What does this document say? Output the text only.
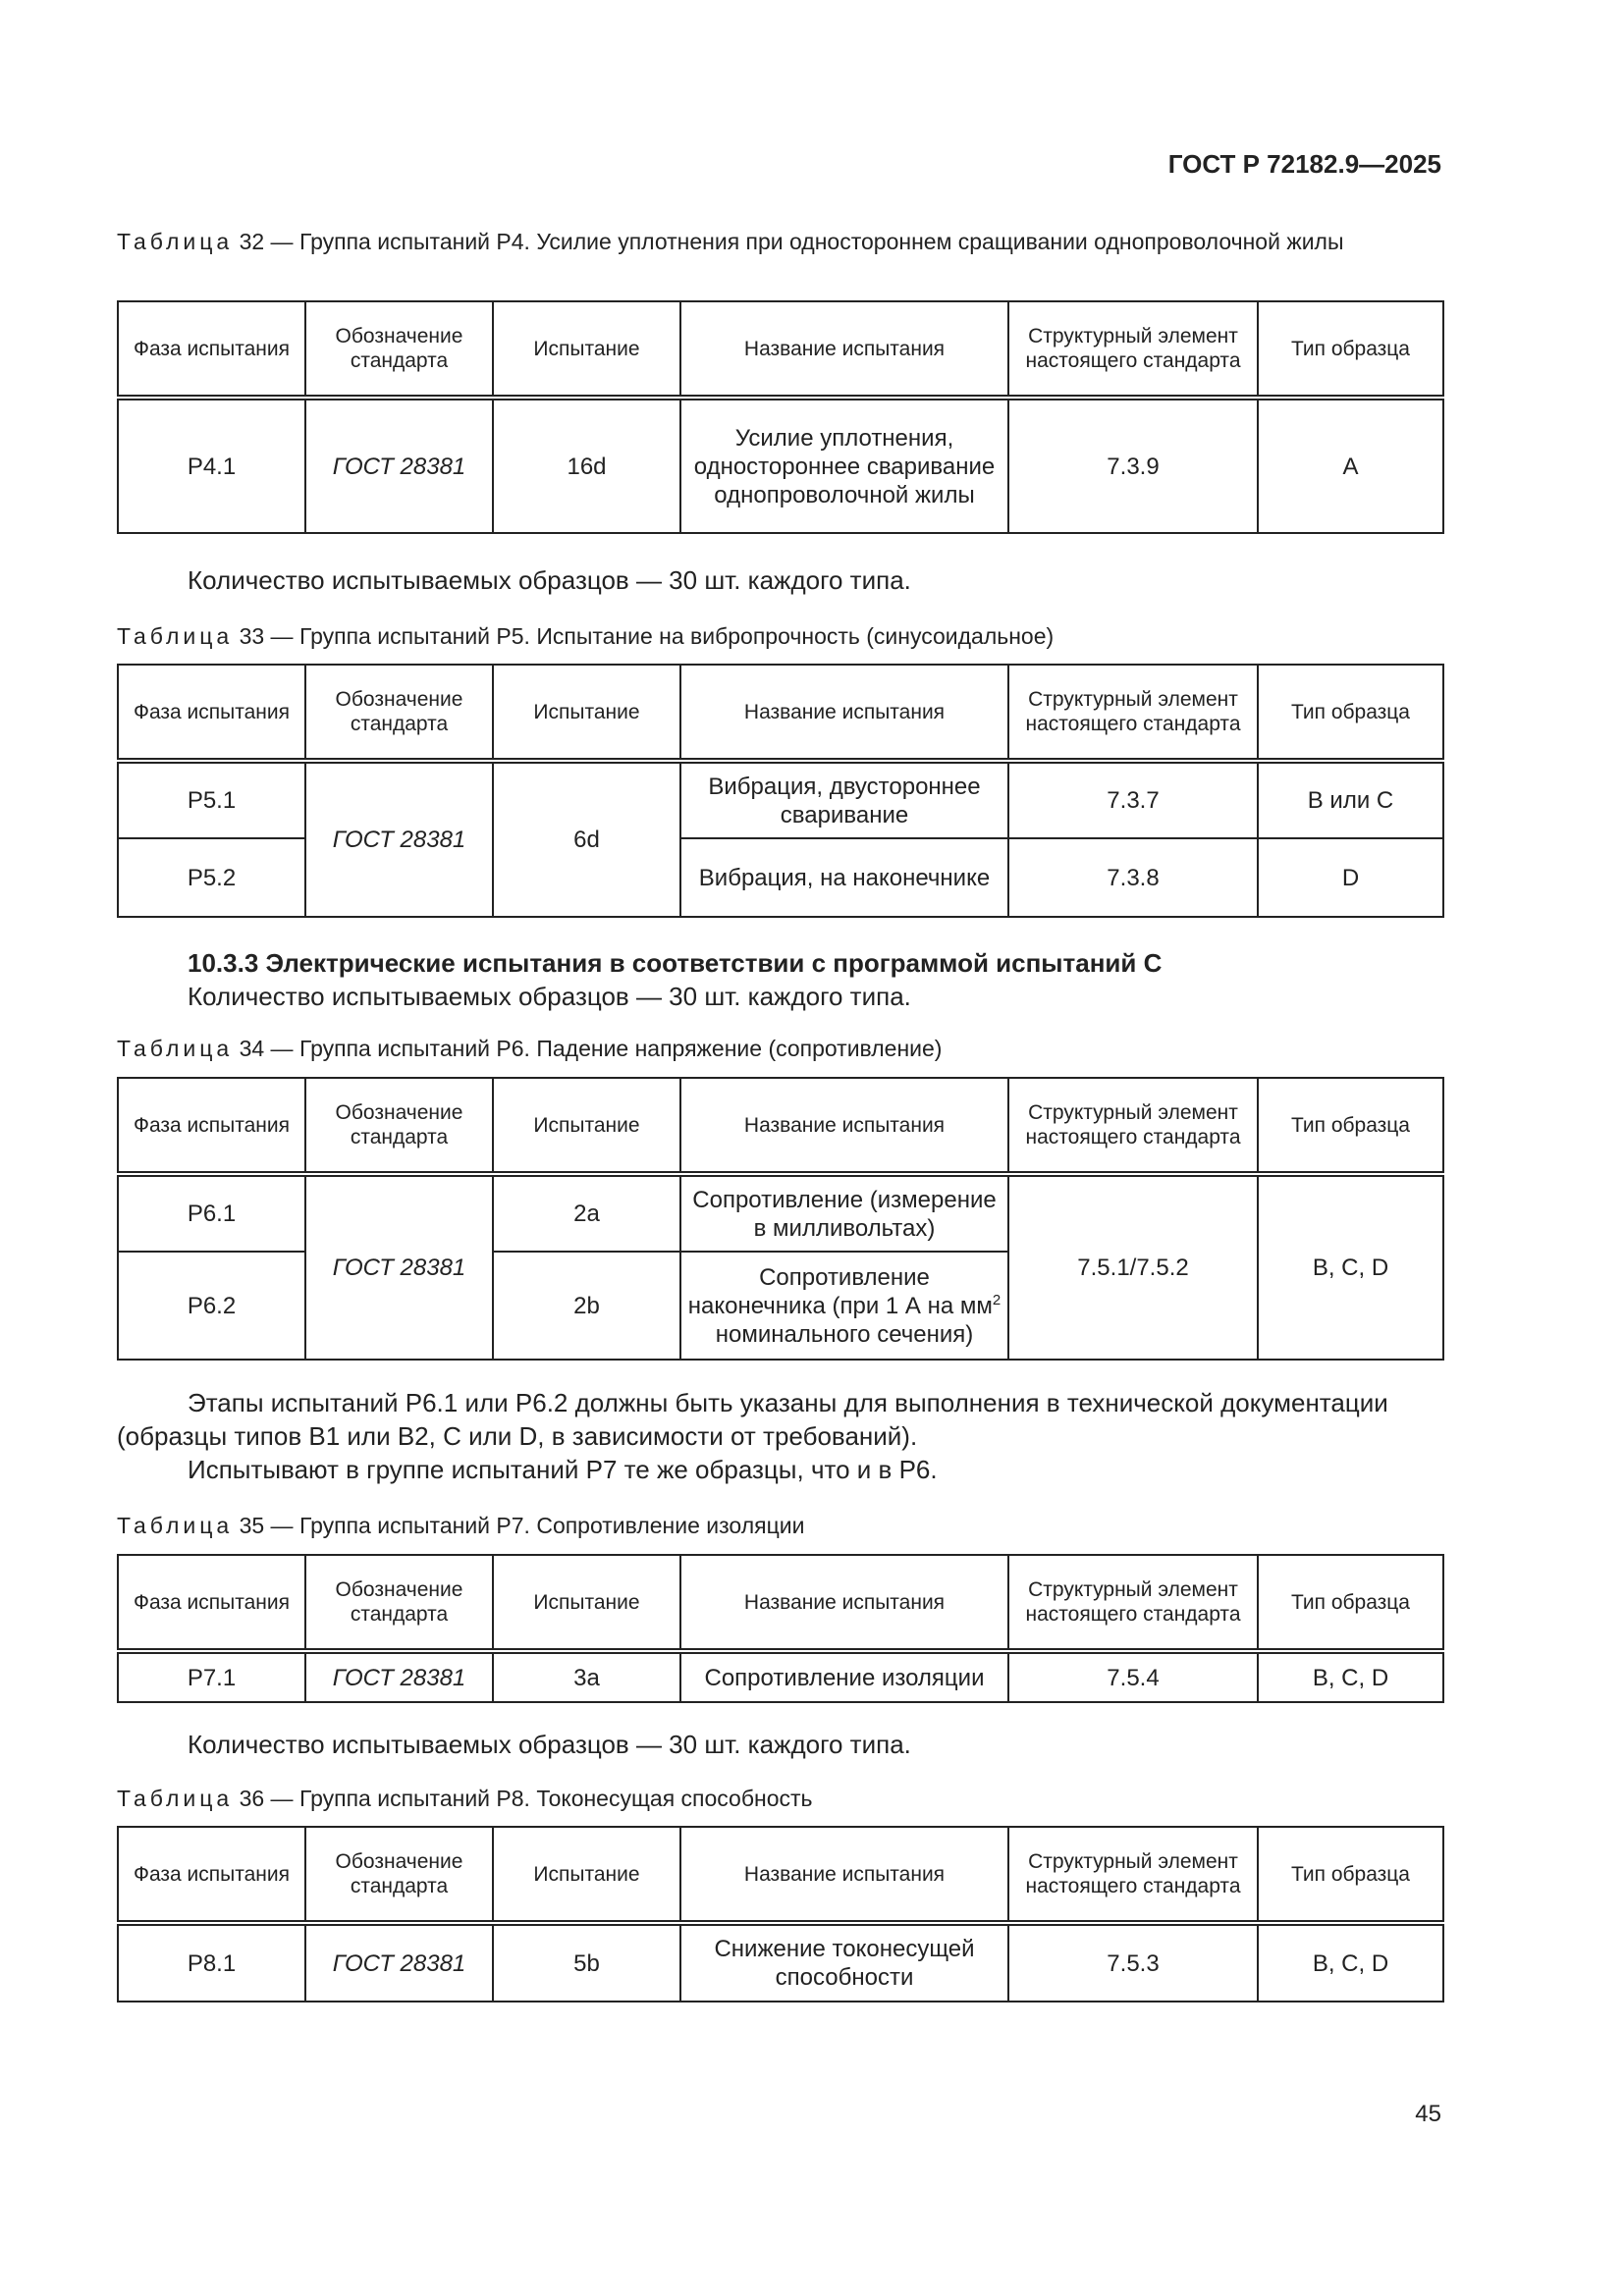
ГОСТ Р 72182.9—2025
Таблица 32 — Группа испытаний Р4. Усилие уплотнения при одностороннем сращивании однопроволочной жилы
Фаза испытания	Обозначение стандарта	Испытание	Название испытания	Структурный элемент настоящего стандарта	Тип образца
P4.1	ГОСТ 28381	16d	Усилие уплотнения, одностороннее сваривание однопроволочной жилы	7.3.9	A
Количество испытываемых образцов — 30 шт. каждого типа.
Таблица 33 — Группа испытаний Р5. Испытание на вибропрочность (синусоидальное)
Фаза испытания	Обозначение стандарта	Испытание	Название испытания	Структурный элемент настоящего стандарта	Тип образца
P5.1	ГОСТ 28381	6d	Вибрация, двустороннее сваривание	7.3.7	B или C
P5.2			Вибрация, на наконечнике	7.3.8	D
10.3.3 Электрические испытания в соответствии с программой испытаний С
Количество испытываемых образцов — 30 шт. каждого типа.
Таблица 34 — Группа испытаний Р6. Падение напряжение (сопротивление)
Фаза испытания	Обозначение стандарта	Испытание	Название испытания	Структурный элемент настоящего стандарта	Тип образца
P6.1	ГОСТ 28381	2a	Сопротивление (измерение в милливольтах)	7.5.1/7.5.2	B, C, D
P6.2		2b	Сопротивление наконечника (при 1 А на $мм^2$ номинального сечения)		
Этапы испытаний Р6.1 или Р6.2 должны быть указаны для выполнения в технической документации (образцы типов B1 или B2, С или D, в зависимости от требований).
Испытывают в группе испытаний Р7 те же образцы, что и в Р6.
Таблица 35 — Группа испытаний Р7. Сопротивление изоляции
Фаза испытания	Обозначение стандарта	Испытание	Название испытания	Структурный элемент настоящего стандарта	Тип образца
P7.1	ГОСТ 28381	3a	Сопротивление изоляции	7.5.4	B, C, D
Количество испытываемых образцов — 30 шт. каждого типа.
Таблица 36 — Группа испытаний Р8. Токонесущая способность
Фаза испытания	Обозначение стандарта	Испытание	Название испытания	Структурный элемент настоящего стандарта	Тип образца
P8.1	ГОСТ 28381	5b	Снижение токонесущей способности	7.5.3	B, C, D
45
